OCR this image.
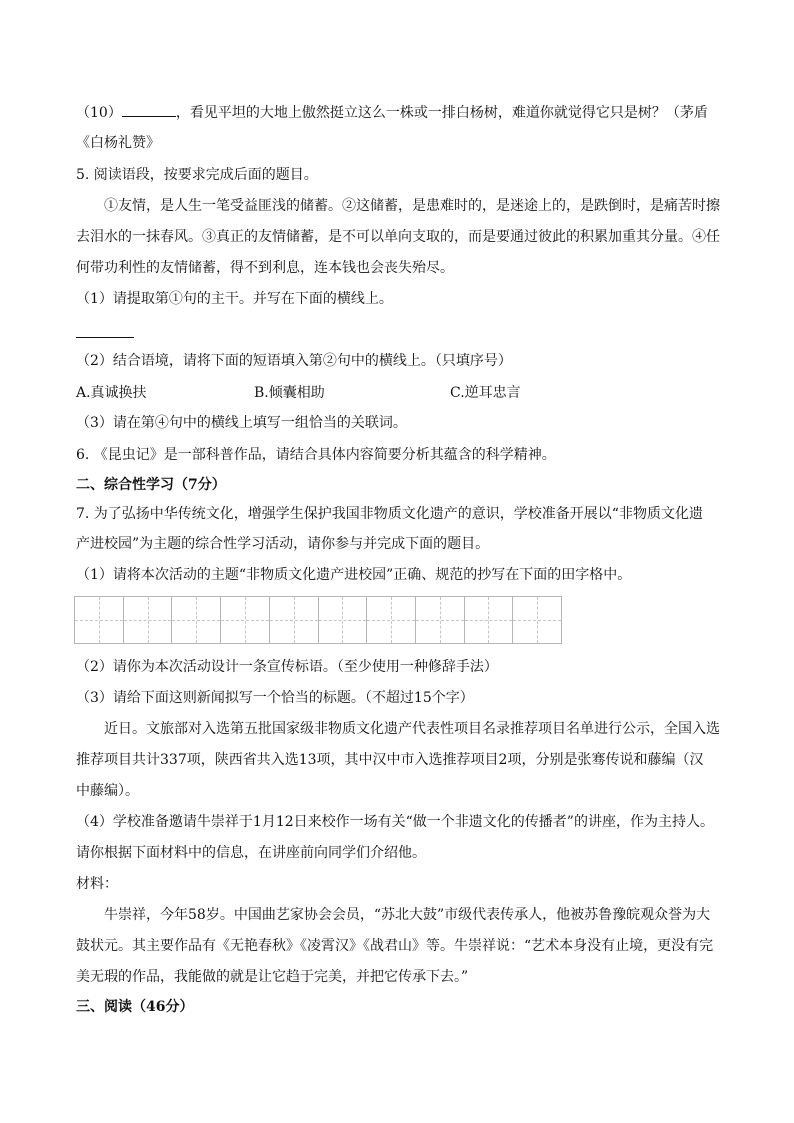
（10）	，看见平坦的大地上傲然挺立这么一株或一排白杨树，难道你就觉得它只是树？（茅盾
《白杨礼赞》
5. 阅读语段，按要求完成后面的题目。
①友情，是人生一笔受益匪浅的储蓄。②这储蓄，是患难时的，是迷途上的，是跌倒时，是痛苦时擦
去泪水的一抹春风。③真正的友情储蓄，是不可以单向支取的，而是要通过彼此的积累加重其分量。④任
何带功利性的友情储蓄，得不到利息，连本钱也会丧失殆尽。
（1）请提取第①句的主干。并写在下面的横线上。
（2）结合语境，请将下面的短语填入第②句中的横线上。（只填序号）
A.真诚换扶	B.倾囊相助	C.逆耳忠言
（3）请在第④句中的横线上填写一组恰当的关联词。
6. 《昆虫记》是一部科普作品，请结合具体内容简要分析其蕴含的科学精神。
二、综合性学习（7分）
7. 为了弘扬中华传统文化，增强学生保护我国非物质文化遗产的意识，学校准备开展以“非物质文化遗
产进校园”为主题的综合性学习活动，请你参与并完成下面的题目。
（1）请将本次活动的主题“非物质文化遗产进校园”正确、规范的抄写在下面的田字格中。
（2）请你为本次活动设计一条宣传标语。（至少使用一种修辞手法）
（3）请给下面这则新闻拟写一个恰当的标题。（不超过15个字）
近日。文旅部对入选第五批国家级非物质文化遗产代表性项目名录推荐项目名单进行公示，全国入选
推荐项目共计337项，陕西省共入选13项，其中汉中市入选推荐项目2项，分别是张骞传说和藤编（汉
中藤编）。
（4）学校准备邀请牛崇祥于1月12日来校作一场有关“做一个非遗文化的传播者”的讲座，作为主持人。
请你根据下面材料中的信息，在讲座前向同学们介绍他。
材料：
牛崇祥，今年58岁。中国曲艺家协会会员，“苏北大鼓”市级代表传承人，他被苏鲁豫皖观众誉为大
鼓状元。其主要作品有《无艳春秋》《凌霄汉》《战君山》等。牛崇祥说：“艺术本身没有止境，更没有完
美无瑕的作品，我能做的就是让它趋于完美，并把它传承下去。”
三、阅读（46分）
